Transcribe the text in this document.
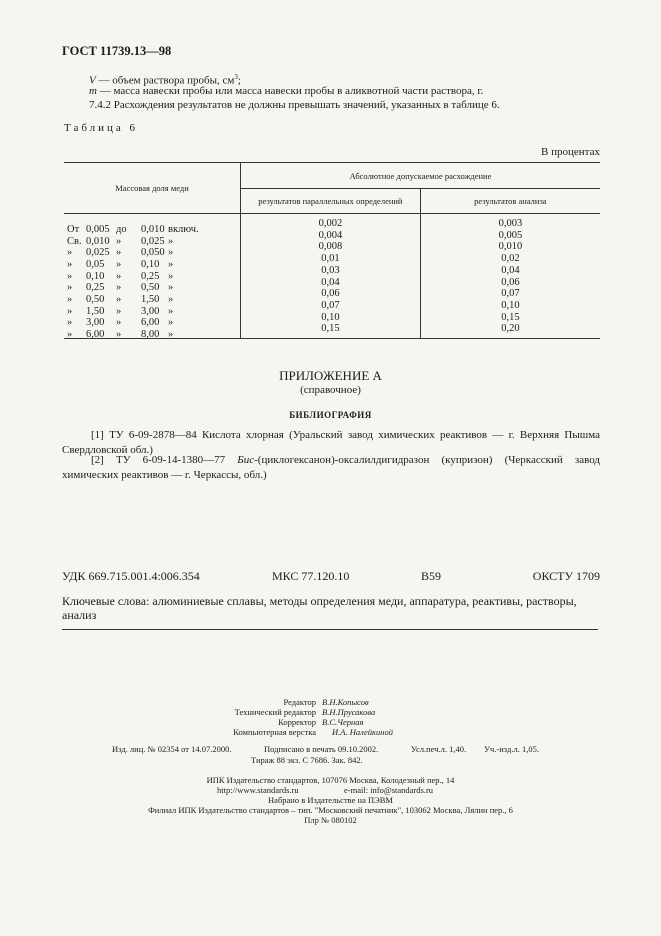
ГОСТ 11739.13—98
V — объем раствора пробы, $см^3$;
m — масса навески пробы или масса навески пробы в аликвотной части раствора, г.
7.4.2 Расхождения результатов не должны превышать значений, указанных в таблице 6.
Таблица 6
В процентах
Массовая доля меди	Абсолютное допускаемое расхождение	
	результатов параллельных определений	результатов анализа

От 0,005 до 0,010 включ.	0,002	0,003

Св. 0,010 » 0,025 »	0,004	0,005

» 0,025 » 0,050 »	0,008	0,010

» 0,05 » 0,10 »	0,01	0,02

» 0,10 » 0,25 »	0,03	0,04

» 0,25 » 0,50 »	0,04	0,06

» 0,50 » 1,50 »	0,06	0,07

» 1,50 » 3,00 »	0,07	0,10

» 3,00 » 6,00 »	0,10	0,15

» 6,00 » 8,00 »	0,15	0,20
ПРИЛОЖЕНИЕ А
(справочное)
БИБЛИОГРАФИЯ
[1] ТУ 6-09-2878—84 Кислота хлорная (Уральский завод химических реактивов — г. Верхняя Пышма Свердловской обл.)
[2] ТУ 6-09-14-1380—77 Бис-(циклогексанон)-оксалилдигидразон (купризон) (Черкасский завод химических реактивов — г. Черкассы, обл.)
УДК 669.715.001.4:006.354	МКС 77.120.10	В59	ОКСТУ 1709
Ключевые слова: алюминиевые сплавы, методы определения меди, аппаратура, реактивы, растворы, анализ
Редактор В.Н.Копысов
Технический редактор В.Н.Прусакова
Корректор В.С.Черная
Компьютерная верстка И.А. Налейкиной
Изд. лиц. № 02354 от 14.07.2000.	Подписано в печать 09.10.2002.	Усл.печ.л. 1,40. Уч.-изд.л. 1,05.
Тираж 88 экз. С 7686. Зак. 842.
ИПК Издательство стандартов, 107076 Москва, Колодезный пер., 14
http://www.standards.ru	e-mail: info@standards.ru
Набрано в Издательстве на ПЭВМ
Филиал ИПК Издательство стандартов – тип. "Московский печатник", 103062 Москва, Лялин пер., 6
Плр № 080102
